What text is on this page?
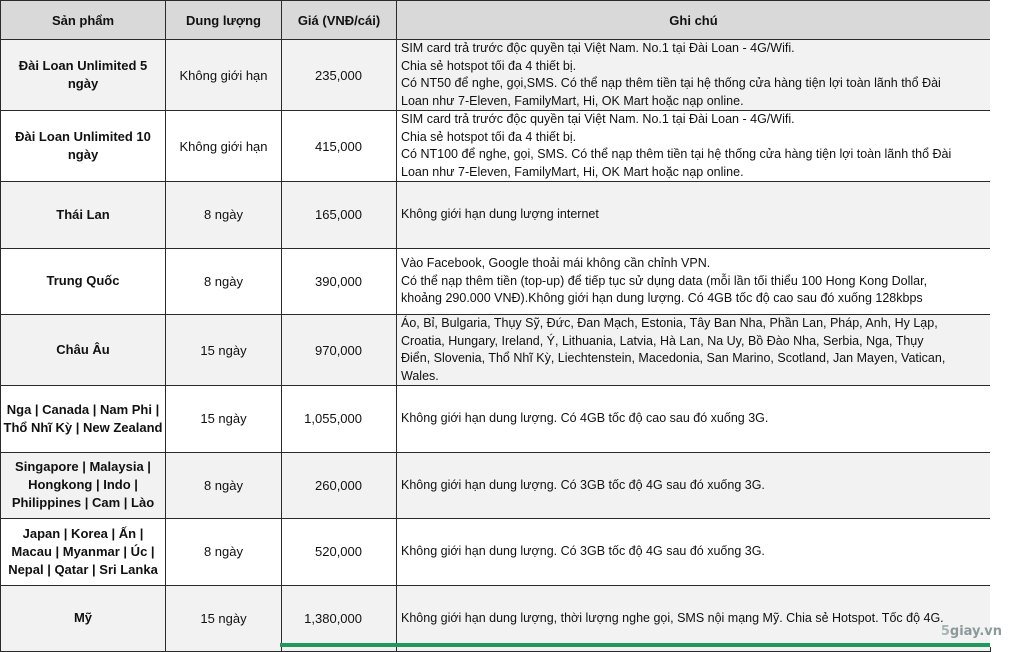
Sản phẩm	Dung lượng	Giá (VNĐ/cái)	Ghi chú
Đài Loan Unlimited 5 ngày	Không giới hạn	235,000	SIM card trả trước độc quyền tại Việt Nam. No.1 tại Đài Loan - 4G/Wifi.
Chia sẻ hotspot tối đa 4 thiết bị.
Có NT50 để nghe, gọi,SMS. Có thể nạp thêm tiền tại hệ thống cửa hàng tiện lợi toàn lãnh thổ Đài
Loan như 7-Eleven, FamilyMart, Hi, OK Mart hoặc nạp online.

Đài Loan Unlimited 10 ngày	Không giới hạn	415,000	SIM card trả trước độc quyền tại Việt Nam. No.1 tại Đài Loan - 4G/Wifi.
Chia sẻ hotspot tối đa 4 thiết bị.
Có NT100 để nghe, gọi, SMS. Có thể nạp thêm tiền tại hệ thống cửa hàng tiện lợi toàn lãnh thổ Đài
Loan như 7-Eleven, FamilyMart, Hi, OK Mart hoặc nạp online.

Thái Lan	8 ngày	165,000	Không giới hạn dung lượng internet

Trung Quốc	8 ngày	390,000	Vào Facebook, Google thoải mái không cần chỉnh VPN.
Có thể nạp thêm tiền (top-up) để tiếp tục sử dụng data (mỗi lần tối thiểu 100 Hong Kong Dollar,
khoảng 290.000 VNĐ).Không giới hạn dung lượng. Có 4GB tốc độ cao sau đó xuống 128kbps

Châu Âu	15 ngày	970,000	Áo, Bỉ, Bulgaria, Thụy Sỹ, Đức, Đan Mạch, Estonia, Tây Ban Nha, Phần Lan, Pháp, Anh, Hy Lạp,
Croatia, Hungary, Ireland, Ý, Lithuania, Latvia, Hà Lan, Na Uy, Bồ Đào Nha, Serbia, Nga, Thụy
Điển, Slovenia, Thổ Nhĩ Kỳ, Liechtenstein, Macedonia, San Marino, Scotland, Jan Mayen, Vatican,
Wales.

Nga | Canada | Nam Phi | Thổ Nhĩ Kỳ | New Zealand	15 ngày	1,055,000	Không giới hạn dung lượng. Có 4GB tốc độ cao sau đó xuống 3G.

Singapore | Malaysia | Hongkong | Indo | Philippines | Cam | Lào	8 ngày	260,000	Không giới hạn dung lượng. Có 3GB tốc độ 4G sau đó xuống 3G.

Japan | Korea | Ấn | Macau | Myanmar | Úc | Nepal | Qatar | Sri Lanka	8 ngày	520,000	Không giới hạn dung lượng. Có 3GB tốc độ 4G sau đó xuống 3G.

Mỹ	15 ngày	1,380,000	Không giới hạn dung lượng, thời lượng nghe gọi, SMS nội mạng Mỹ. Chia sẻ Hotspot. Tốc độ 4G.
5giay.vn
